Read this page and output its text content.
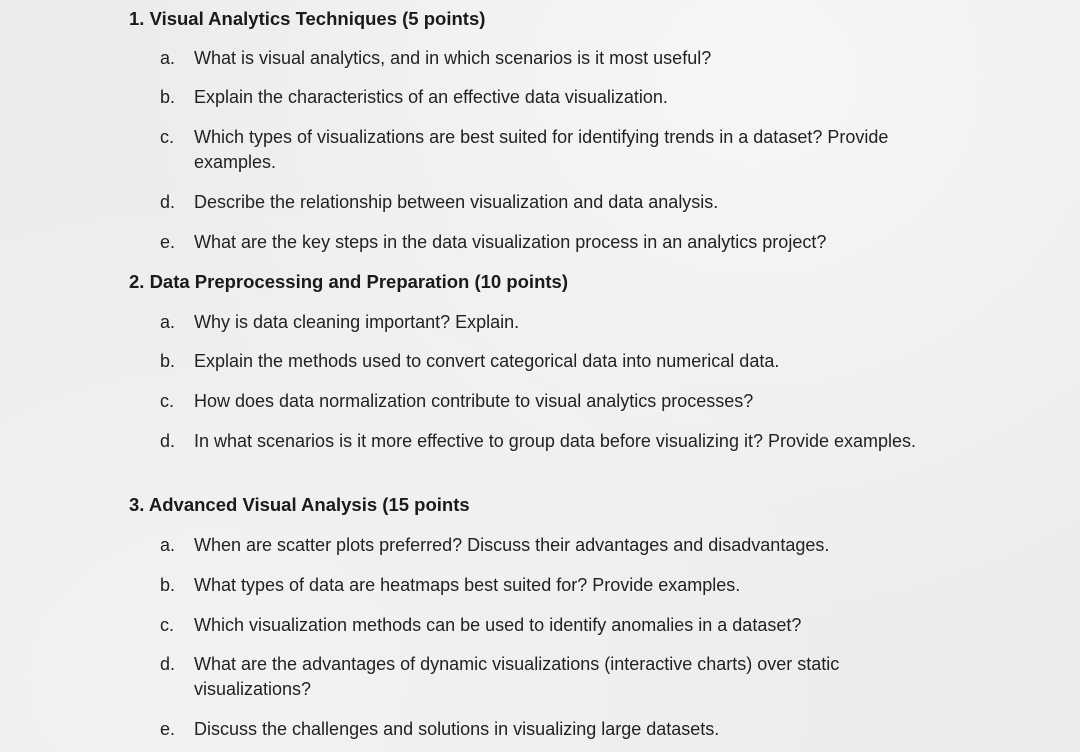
1. Visual Analytics Techniques (5 points)
a.	What is visual analytics, and in which scenarios is it most useful?
b.	Explain the characteristics of an effective data visualization.
c.	Which types of visualizations are best suited for identifying trends in a dataset? Provide examples.
d.	Describe the relationship between visualization and data analysis.
e.	What are the key steps in the data visualization process in an analytics project?
2. Data Preprocessing and Preparation (10 points)
a.	Why is data cleaning important? Explain.
b.	Explain the methods used to convert categorical data into numerical data.
c.	How does data normalization contribute to visual analytics processes?
d.	In what scenarios is it more effective to group data before visualizing it? Provide examples.
3. Advanced Visual Analysis (15 points
a.	When are scatter plots preferred? Discuss their advantages and disadvantages.
b.	What types of data are heatmaps best suited for? Provide examples.
c.	Which visualization methods can be used to identify anomalies in a dataset?
d.	What are the advantages of dynamic visualizations (interactive charts) over static visualizations?
e.	Discuss the challenges and solutions in visualizing large datasets.
